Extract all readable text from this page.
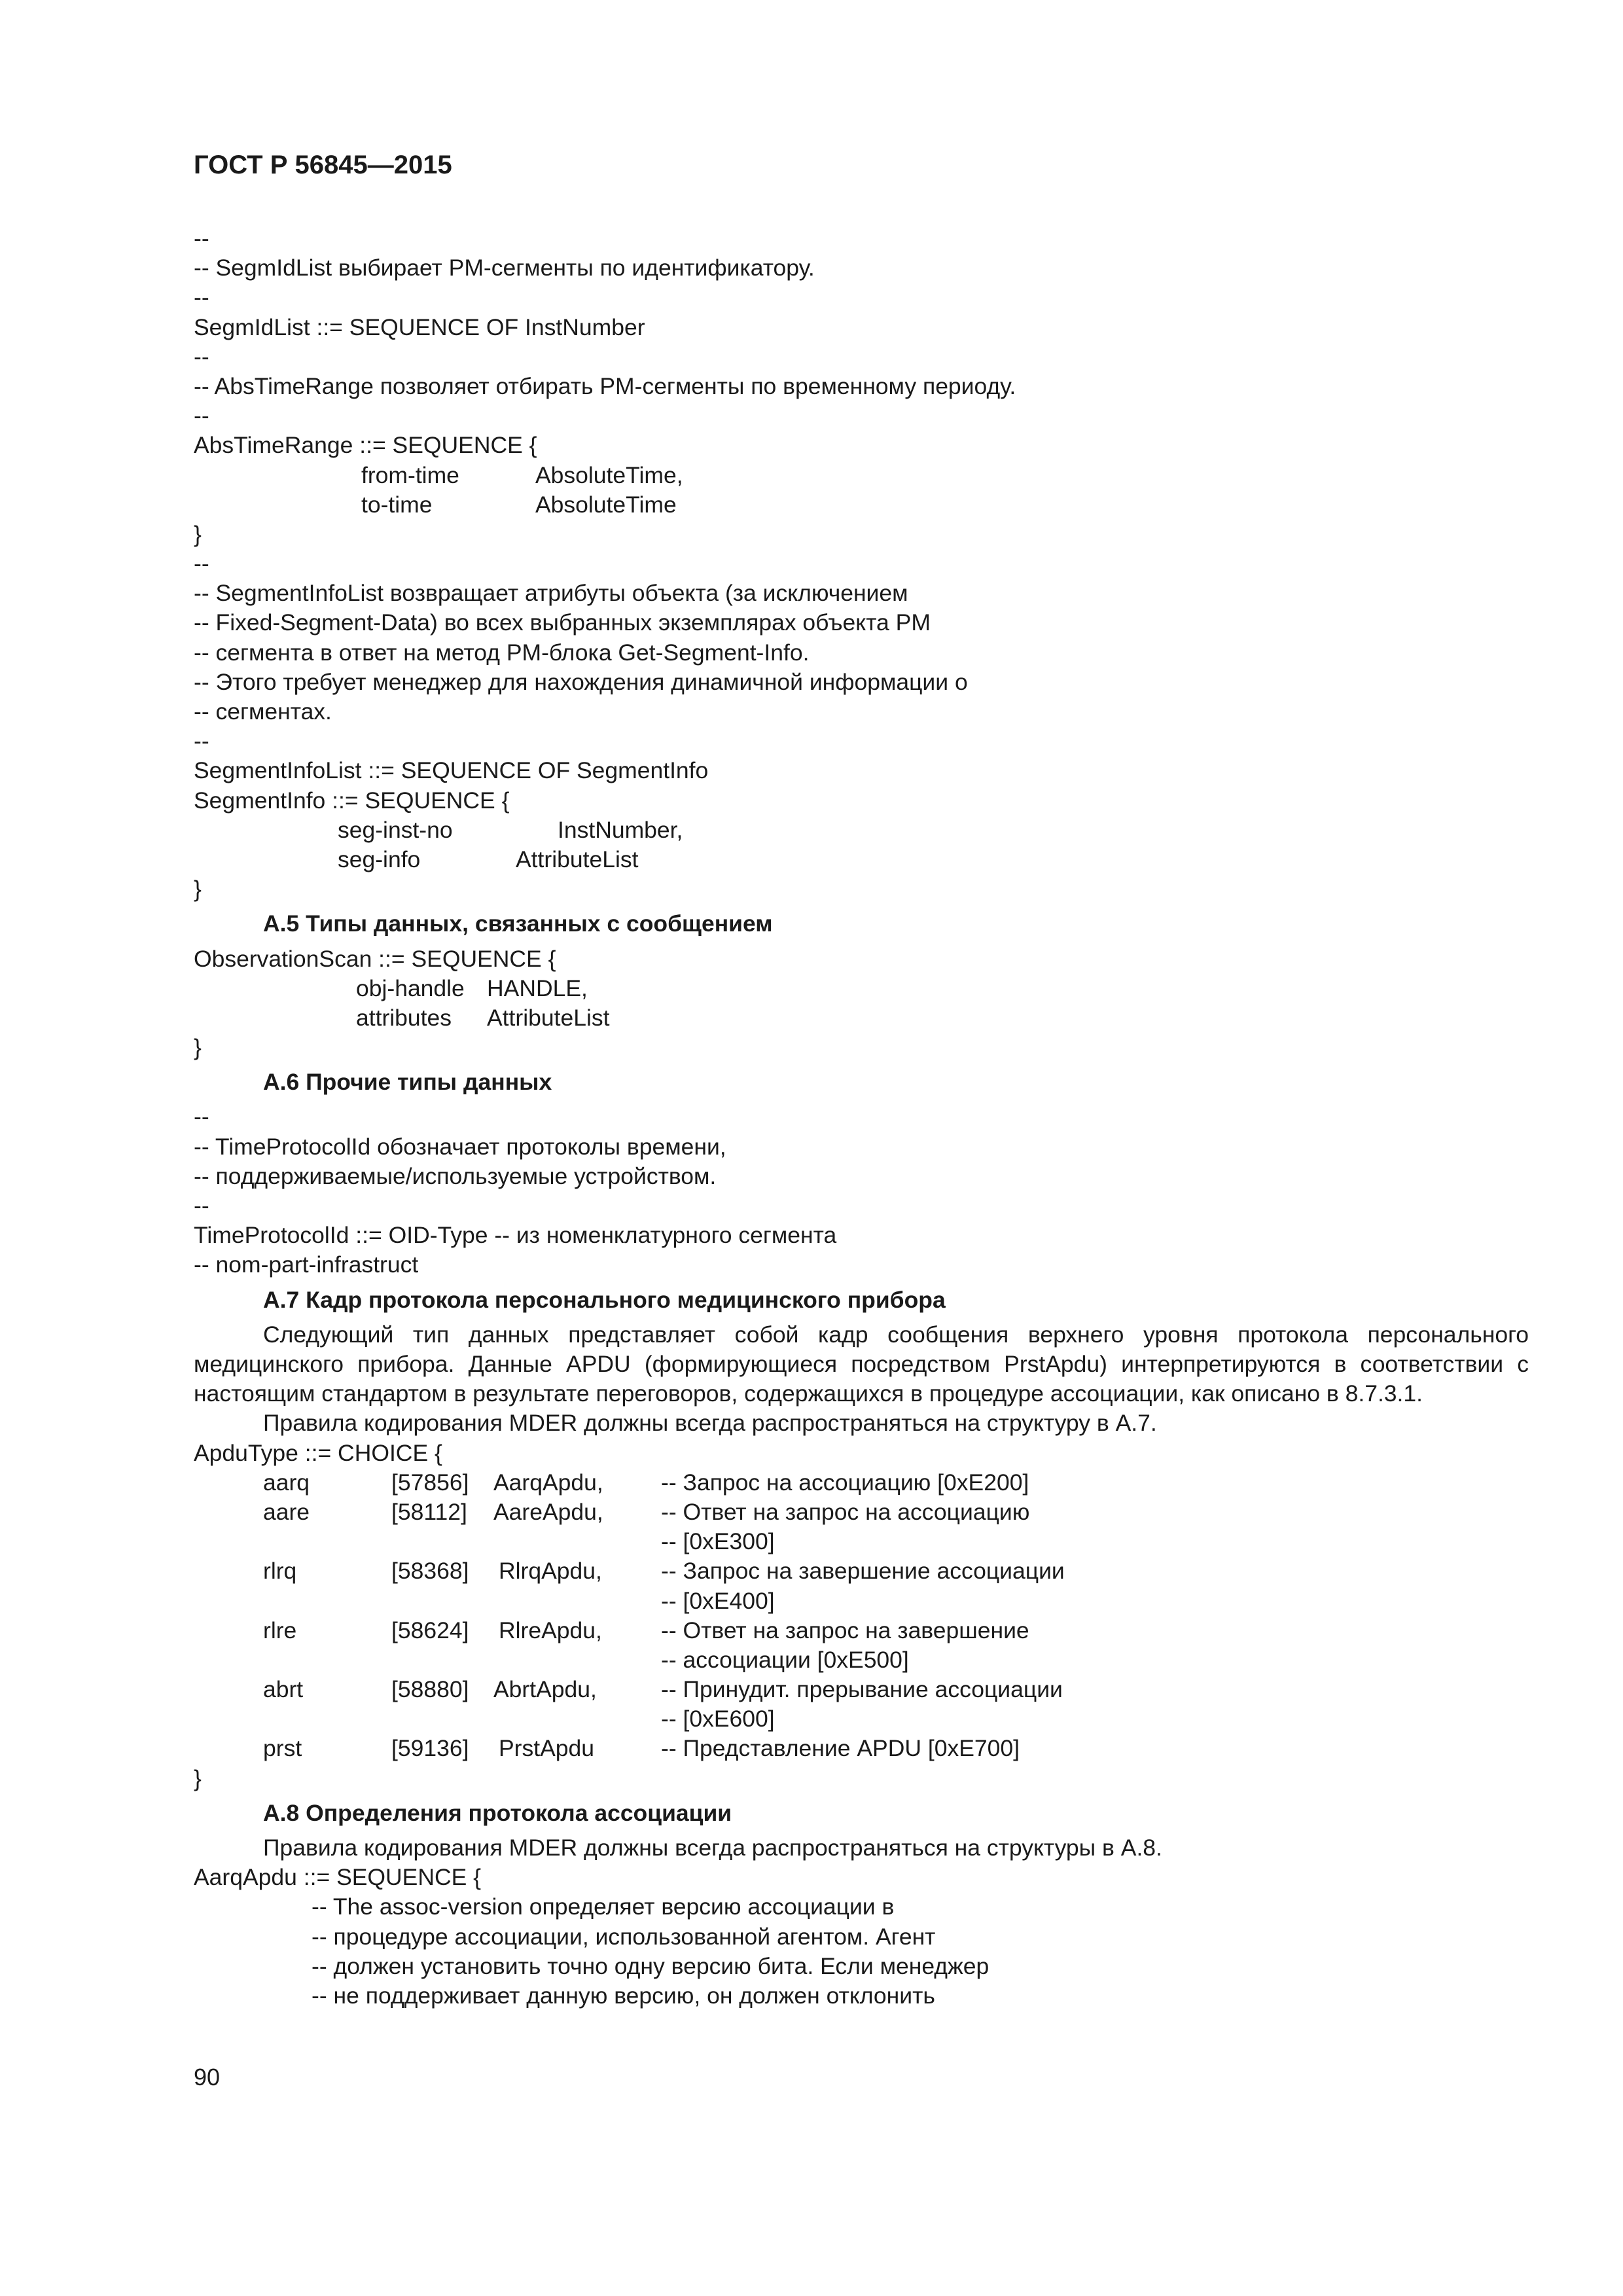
ГОСТ Р 56845—2015
--
-- SegmIdList выбирает PM-сегменты по идентификатору.
--
SegmIdList ::= SEQUENCE OF InstNumber
--
-- AbsTimeRange позволяет отбирать PM-сегменты по временному периоду.
--
AbsTimeRange ::= SEQUENCE {
from-time	AbsoluteTime,
to-time	AbsoluteTime
}
--
-- SegmentInfoList возвращает атрибуты объекта (за исключением
-- Fixed-Segment-Data) во всех выбранных экземплярах объекта PM
-- сегмента в ответ на метод PM-блока Get-Segment-Info.
-- Этого требует менеджер для нахождения динамичной информации о
-- сегментах.
--
SegmentInfoList ::= SEQUENCE OF SegmentInfo
SegmentInfo ::= SEQUENCE {
seg-inst-no	InstNumber,
seg-info	AttributeList
}
А.5 Типы данных, связанных с сообщением
ObservationScan ::= SEQUENCE {
obj-handle HANDLE,
attributes AttributeList
}
А.6 Прочие типы данных
--
-- TimeProtocolId обозначает протоколы времени,
-- поддерживаемые/используемые устройством.
--
TimeProtocolId ::= OID-Type -- из номенклатурного сегмента
-- nom-part-infrastruct
А.7 Кадр протокола персонального медицинского прибора
Следующий тип данных представляет собой кадр сообщения верхнего уровня протокола персонального медицинского прибора. Данные APDU (формирующиеся посредством PrstApdu) интерпретируются в соответствии с настоящим стандартом в результате переговоров, содержащихся в процедуре ассоциации, как описано в 8.7.3.1.
Правила кодирования MDER должны всегда распространяться на структуру в А.7.
ApduType ::= CHOICE {
aarq	[57856] AarqApdu, -- Запрос на ассоциацию [0xE200]
aare	[58112] AareApdu, -- Ответ на запрос на ассоциацию
-- [0xE300]
rlrq	[58368] RlrqApdu,	-- Запрос на завершение ассоциации
-- [0xE400]
rlre	[58624] RlreApdu,	-- Ответ на запрос на завершение
-- ассоциации [0xE500]
abrt	[58880] AbrtApdu,	-- Принудит. прерывание ассоциации
-- [0xE600]
prst	[59136] PrstApdu	-- Представление APDU [0xE700]
}
А.8 Определения протокола ассоциации
Правила кодирования MDER должны всегда распространяться на структуры в А.8.
AarqApdu ::= SEQUENCE {
-- The assoc-version определяет версию ассоциации в
-- процедуре ассоциации, использованной агентом. Агент
-- должен установить точно одну версию бита. Если менеджер
-- не поддерживает данную версию, он должен отклонить
90
